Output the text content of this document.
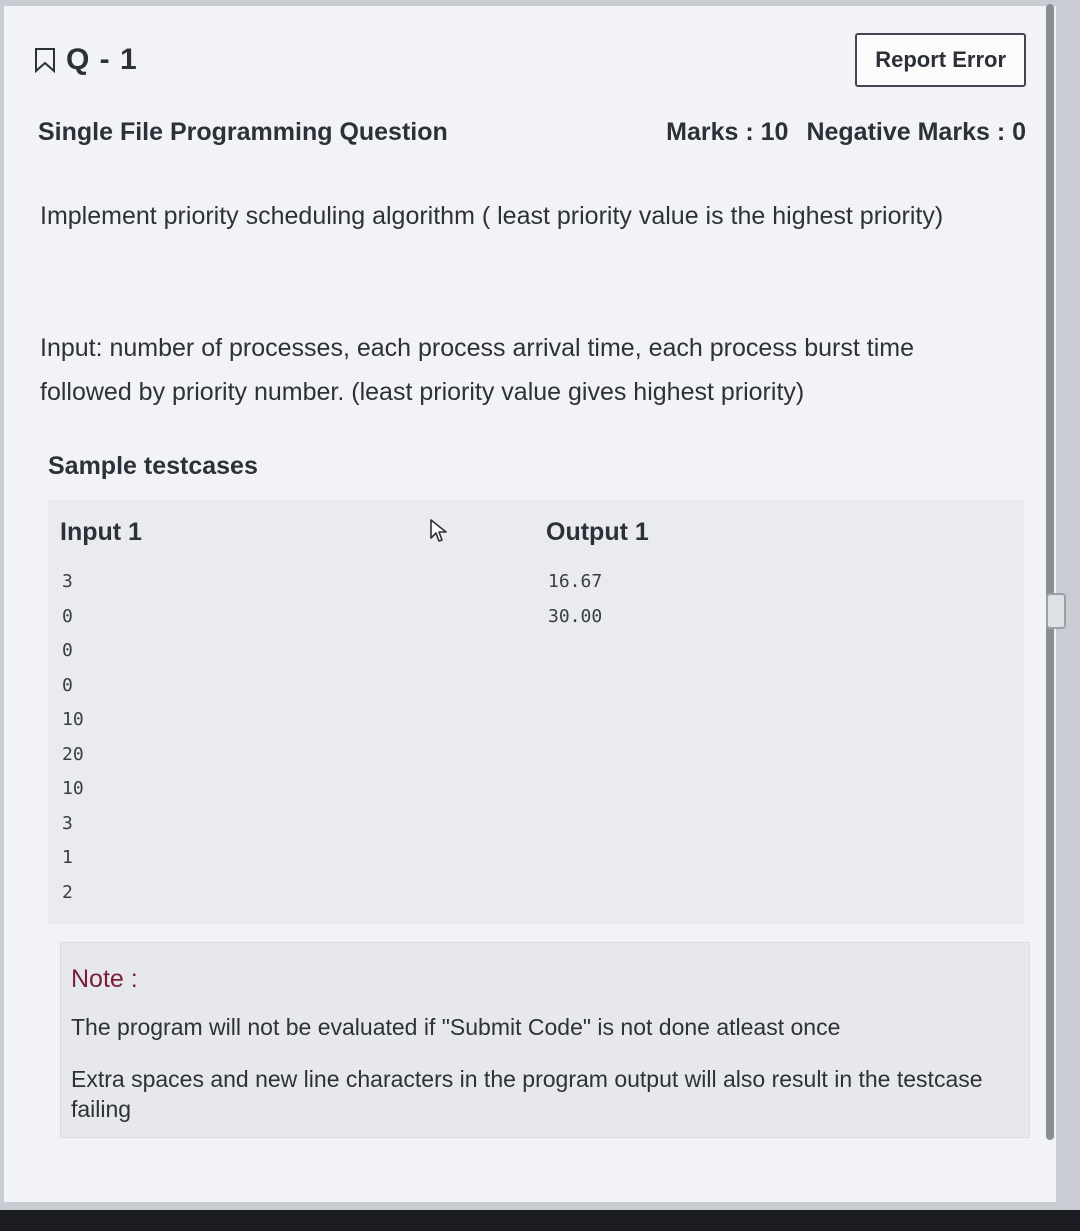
Q - 1	Report Error
Single File Programming Question	Marks : 10 Negative Marks : 0

Implement priority scheduling algorithm ( least priority value is the highest priority)

Input: number of processes, each process arrival time, each process burst time followed by priority number. (least priority value gives highest priority)

Sample testcases
Input 1
3
0
0
0
10
20
10
3
1
2
Output 1
16.67
30.00
Note :

The program will not be evaluated if "Submit Code" is not done atleast once

Extra spaces and new line characters in the program output will also result in the testcase failing
